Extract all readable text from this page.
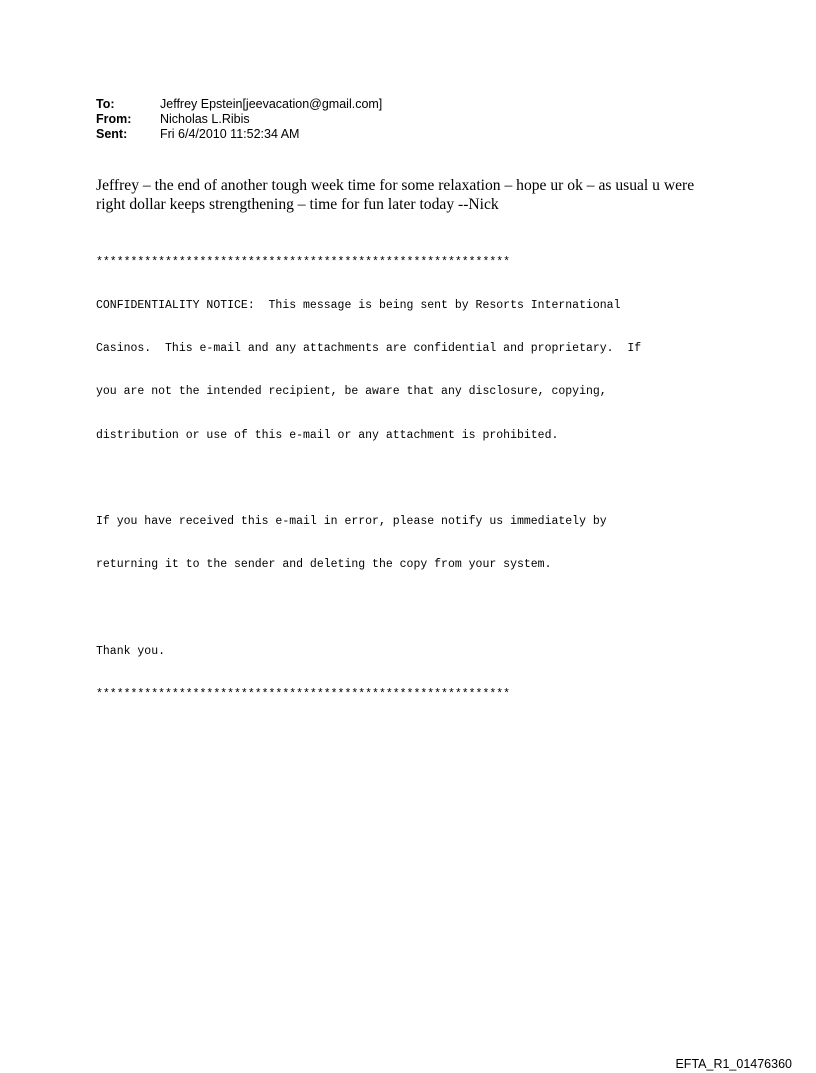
To:	Jeffrey Epstein[jeevacation@gmail.com]
From:	Nicholas L.Ribis
Sent:	Fri 6/4/2010 11:52:34 AM
Jeffrey – the end of another tough week time for some relaxation – hope ur ok – as usual u were
right dollar keeps strengthening – time for fun later today --Nick

************************************************************

CONFIDENTIALITY NOTICE:  This message is being sent by Resorts International

Casinos.  This e-mail and any attachments are confidential and proprietary.  If

you are not the intended recipient, be aware that any disclosure, copying,

distribution or use of this e-mail or any attachment is prohibited.

If you have received this e-mail in error, please notify us immediately by

returning it to the sender and deleting the copy from your system.

Thank you.

************************************************************

EFTA_R1_01476360
